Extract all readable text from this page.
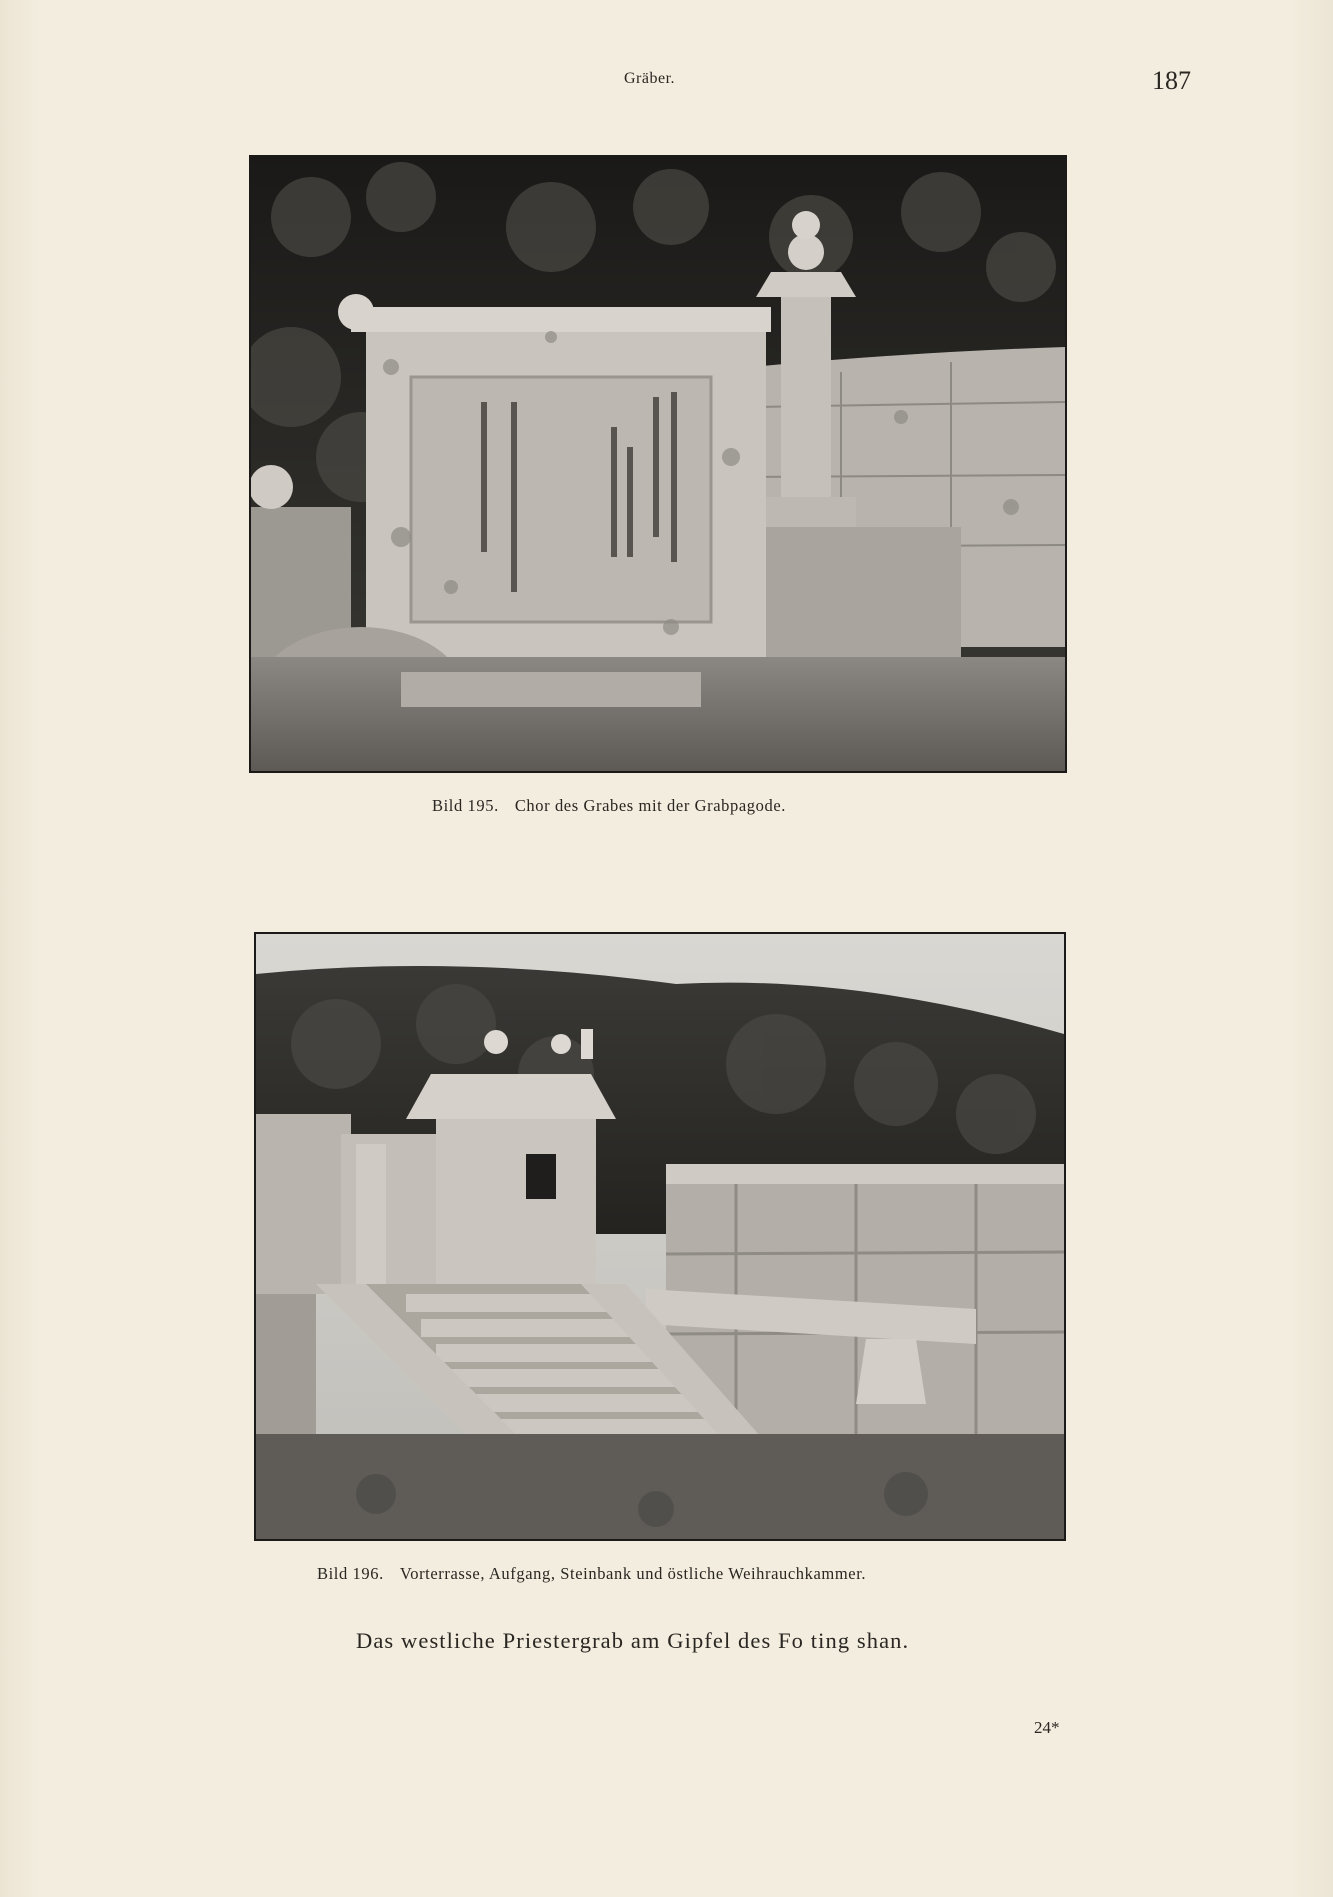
Gräber.	187
Bild 195. Chor des Grabes mit der Grabpagode.
Bild 196. Vorterrasse, Aufgang, Steinbank und östliche Weihrauchkammer.
Das westliche Priestergrab am Gipfel des Fo ting shan.
24*
